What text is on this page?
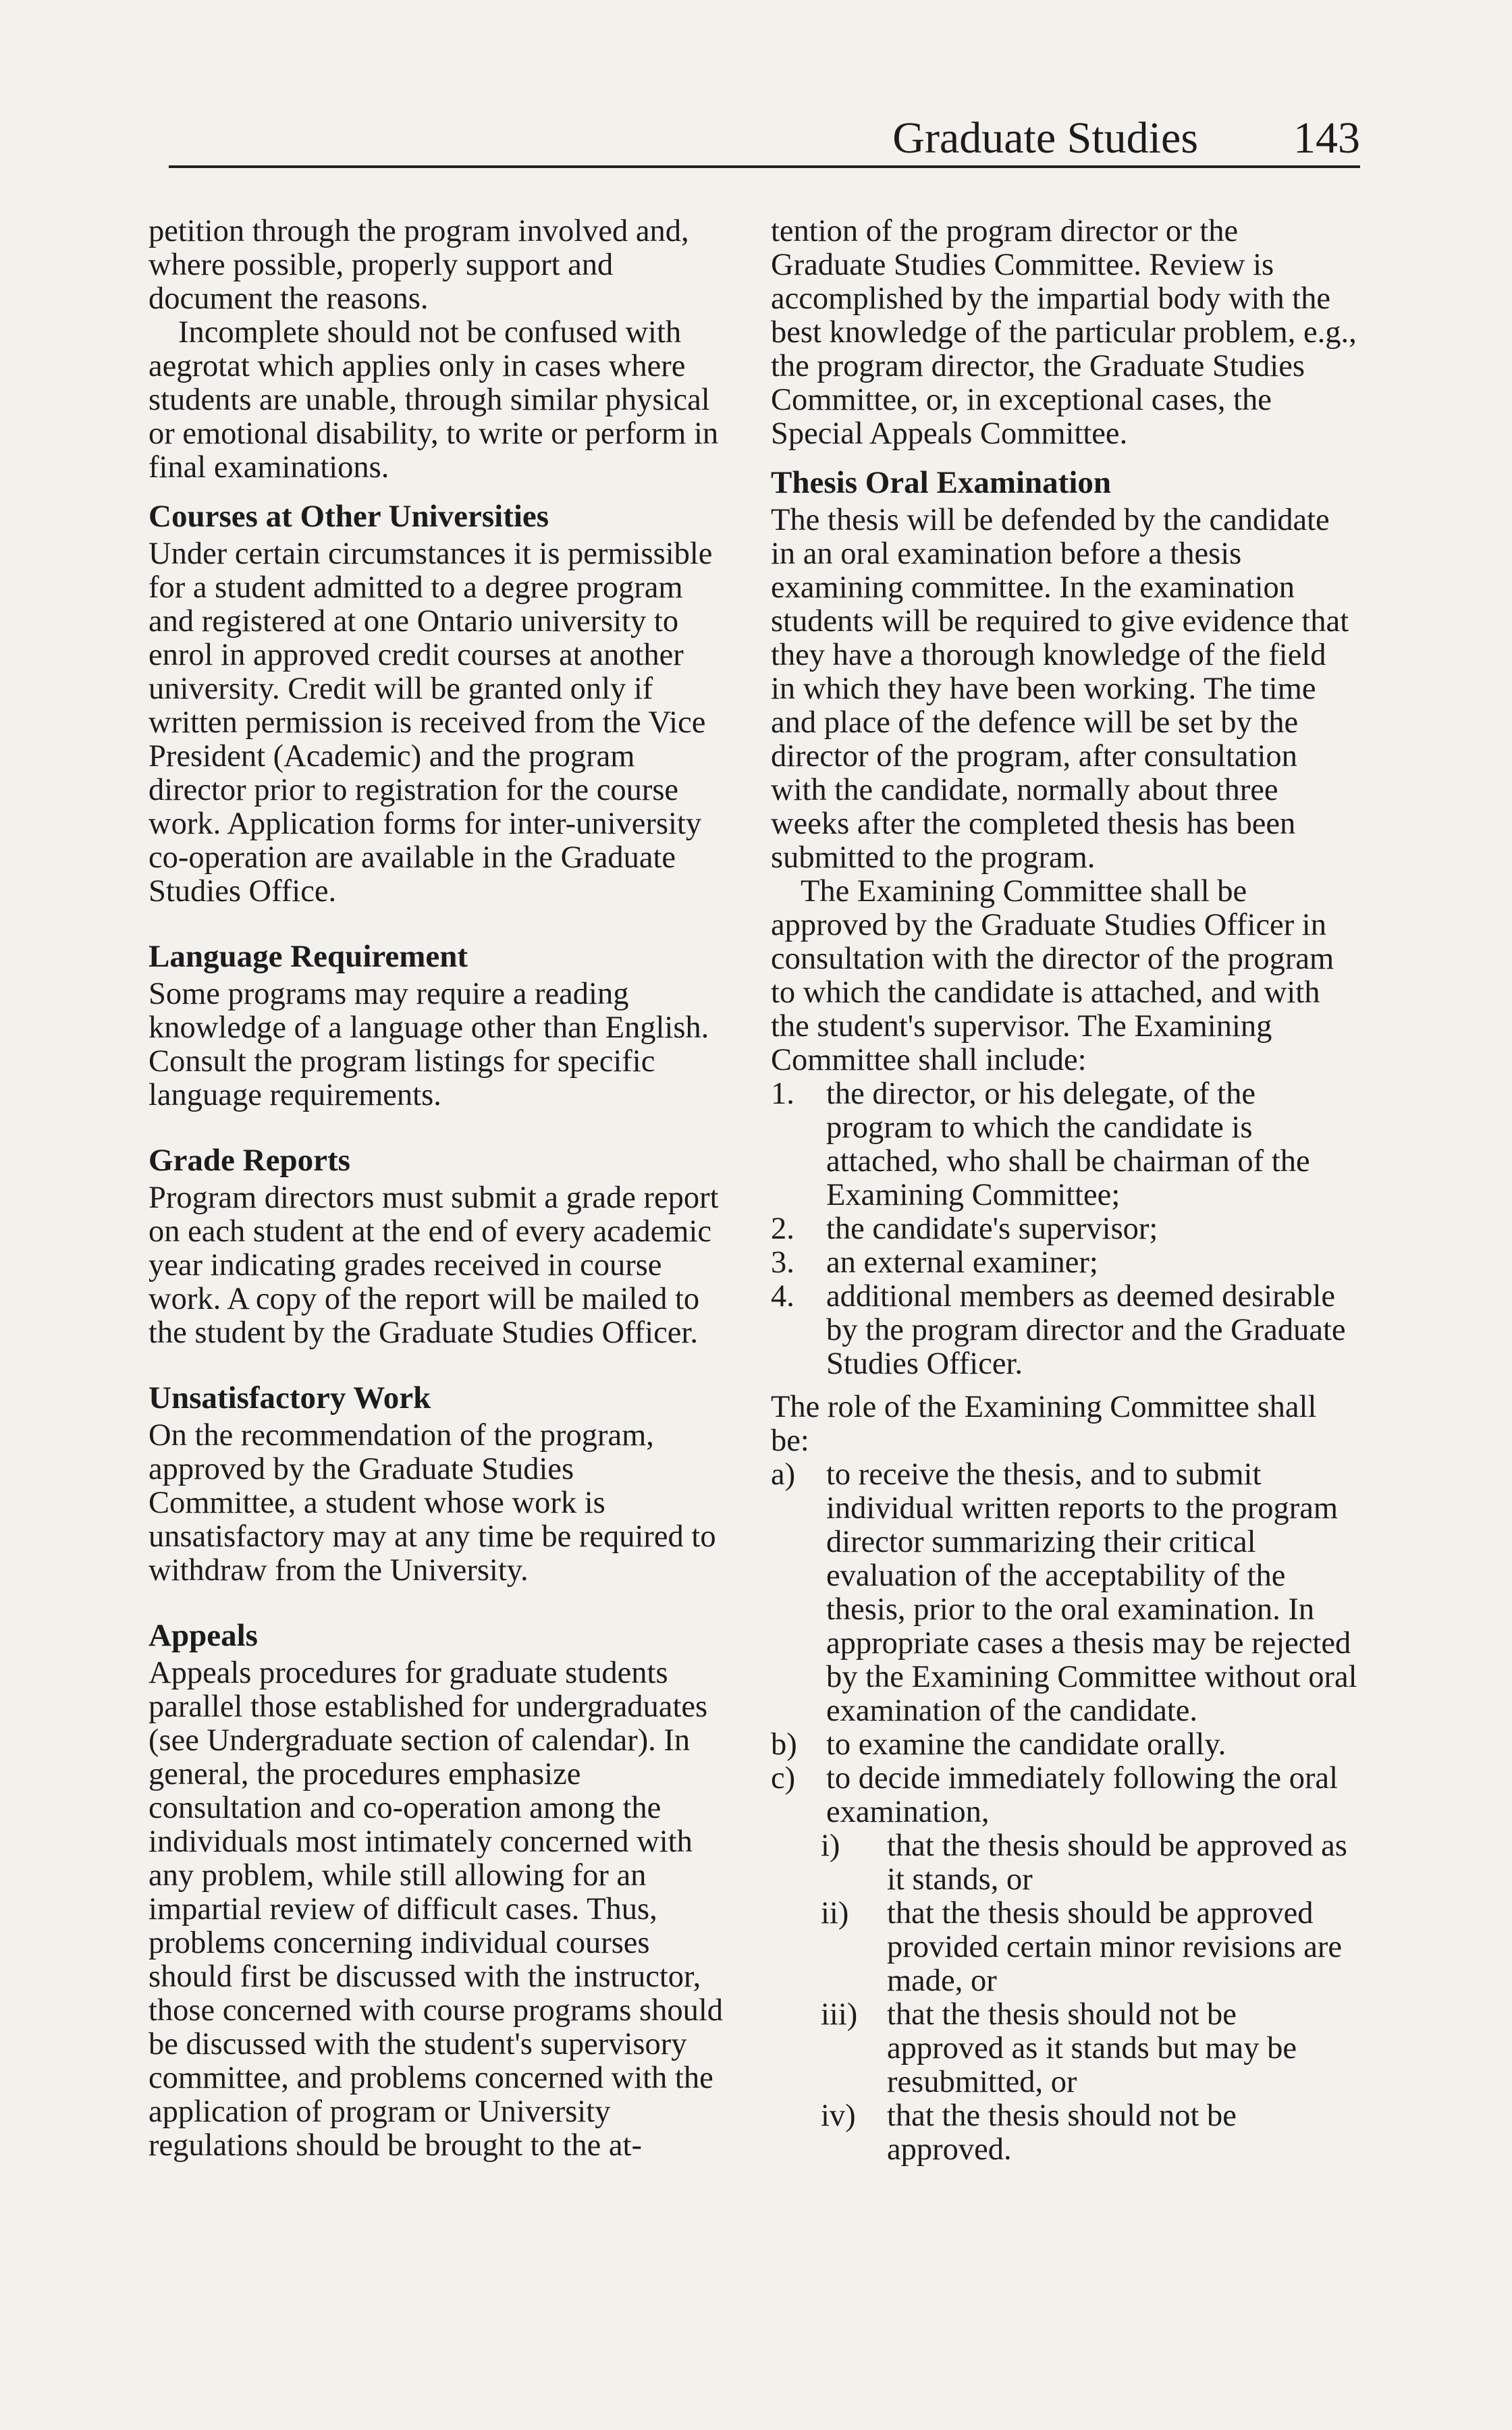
Graduate Studies 143

petition through the program involved and, where possible, properly support and document the reasons.

Incomplete should not be confused with aegrotat which applies only in cases where students are unable, through similar physical or emotional disability, to write or perform in final examinations.

Courses at Other Universities

Under certain circumstances it is permissible for a student admitted to a degree program and registered at one Ontario university to enrol in approved credit courses at another university. Credit will be granted only if written permission is received from the Vice President (Academic) and the program director prior to registration for the course work. Application forms for inter-university co-operation are available in the Graduate Studies Office.

Language Requirement

Some programs may require a reading knowledge of a language other than English. Consult the program listings for specific language requirements.

Grade Reports

Program directors must submit a grade report on each student at the end of every academic year indicating grades received in course work. A copy of the report will be mailed to the student by the Graduate Studies Officer.

Unsatisfactory Work

On the recommendation of the program, approved by the Graduate Studies Committee, a student whose work is unsatisfactory may at any time be required to withdraw from the University.

Appeals

Appeals procedures for graduate students parallel those established for undergraduates (see Undergraduate section of calendar). In general, the procedures emphasize consultation and co-operation among the individuals most intimately concerned with any problem, while still allowing for an impartial review of difficult cases. Thus, problems concerning individual courses should first be discussed with the instructor, those concerned with course programs should be discussed with the student's supervisory committee, and problems concerned with the application of program or University regulations should be brought to the at-

tention of the program director or the Graduate Studies Committee. Review is accomplished by the impartial body with the best knowledge of the particular problem, e.g., the program director, the Graduate Studies Committee, or, in exceptional cases, the Special Appeals Committee.

Thesis Oral Examination

The thesis will be defended by the candidate in an oral examination before a thesis examining committee. In the examination students will be required to give evidence that they have a thorough knowledge of the field in which they have been working. The time and place of the defence will be set by the director of the program, after consultation with the candidate, normally about three weeks after the completed thesis has been submitted to the program.

The Examining Committee shall be approved by the Graduate Studies Officer in consultation with the director of the program to which the candidate is attached, and with the student's supervisor. The Examining Committee shall include:

1. the director, or his delegate, of the program to which the candidate is attached, who shall be chairman of the Examining Committee;
2. the candidate's supervisor;
3. an external examiner;
4. additional members as deemed desirable by the program director and the Graduate Studies Officer.

The role of the Examining Committee shall be:

a) to receive the thesis, and to submit individual written reports to the program director summarizing their critical evaluation of the acceptability of the thesis, prior to the oral examination. In appropriate cases a thesis may be rejected by the Examining Committee without oral examination of the candidate.
b) to examine the candidate orally.
c) to decide immediately following the oral examination,
i) that the thesis should be approved as it stands, or
ii) that the thesis should be approved provided certain minor revisions are made, or
iii) that the thesis should not be approved as it stands but may be resubmitted, or
iv) that the thesis should not be approved.
